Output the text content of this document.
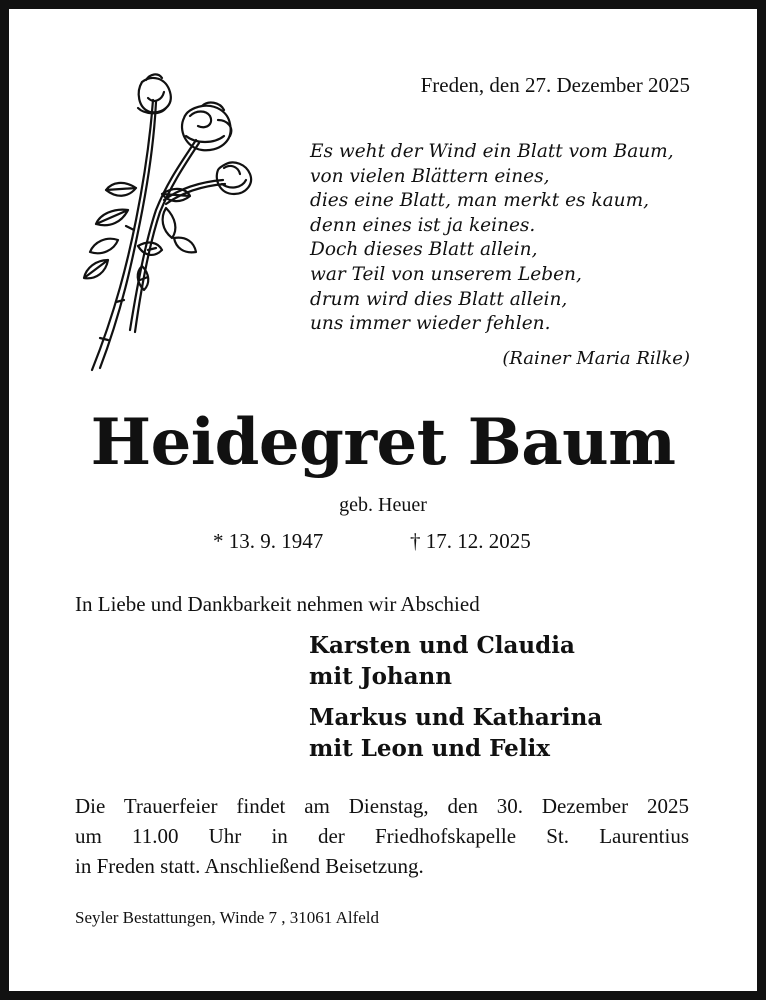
Freden, den 27. Dezember 2025
Es weht der Wind ein Blatt vom Baum,
von vielen Blättern eines,
dies eine Blatt, man merkt es kaum,
denn eines ist ja keines.
Doch dieses Blatt allein,
war Teil von unserem Leben,
drum wird dies Blatt allein,
uns immer wieder fehlen.
(Rainer Maria Rilke)
Heidegret Baum
geb. Heuer
* 13. 9. 1947	† 17. 12. 2025
In Liebe und Dankbarkeit nehmen wir Abschied
Karsten und Claudia
mit Johann
Markus und Katharina
mit Leon und Felix
Die Trauerfeier findet am Dienstag, den 30. Dezember 2025
um 11.00 Uhr in der Friedhofskapelle St. Laurentius
in Freden statt. Anschließend Beisetzung.
Seyler Bestattungen, Winde 7 , 31061 Alfeld
